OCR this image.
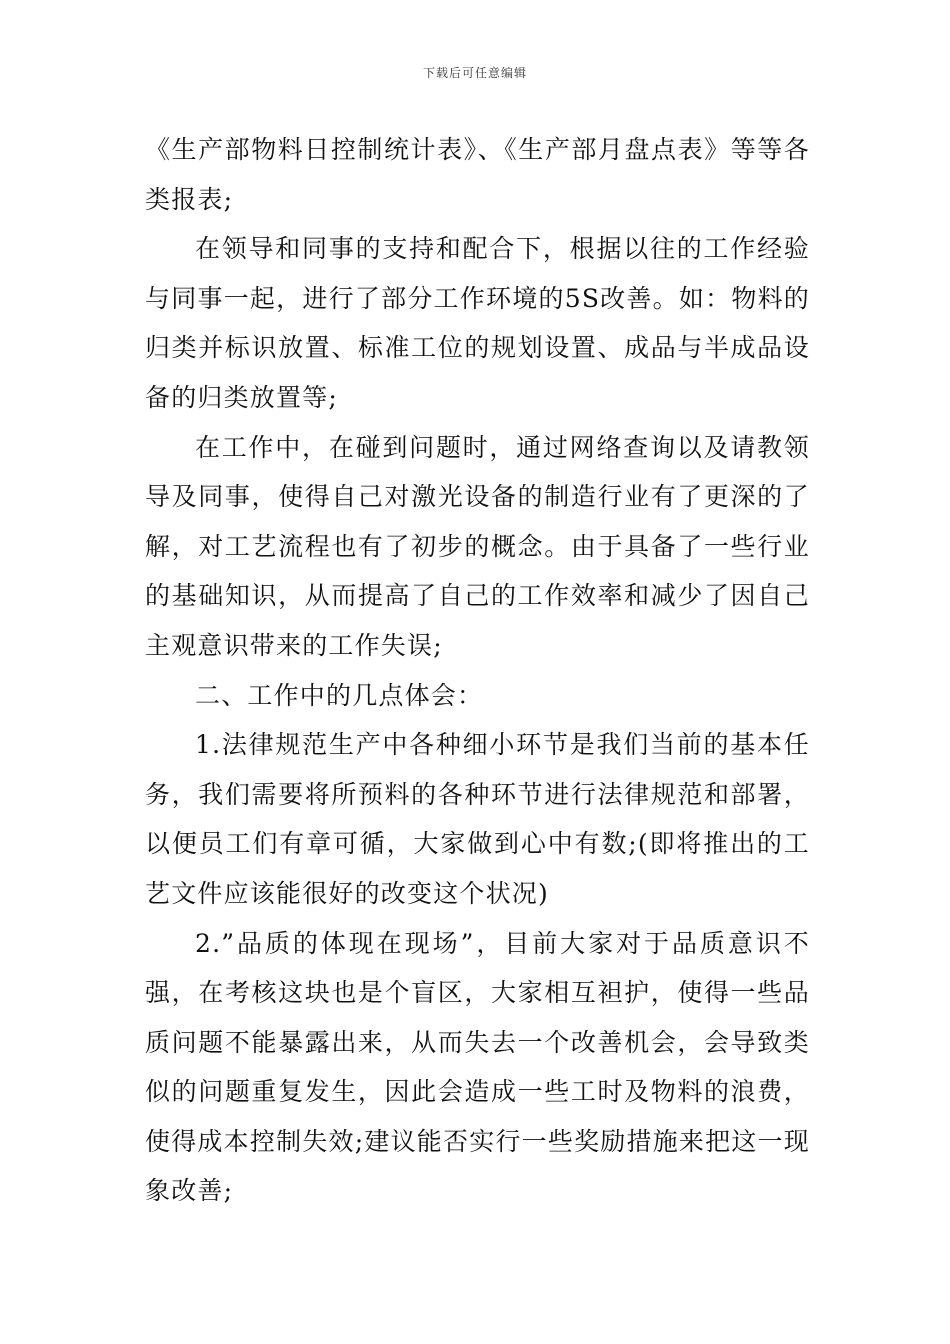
下载后可任意编辑

《生产部物料日控制统计表》、《生产部月盘点表》等等各类报表;

在领导和同事的支持和配合下，根据以往的工作经验与同事一起，进行了部分工作环境的5S改善。如：物料的归类并标识放置、标准工位的规划设置、成品与半成品设备的归类放置等;

在工作中，在碰到问题时，通过网络查询以及请教领导及同事，使得自己对激光设备的制造行业有了更深的了解，对工艺流程也有了初步的概念。由于具备了一些行业的基础知识，从而提高了自己的工作效率和减少了因自己主观意识带来的工作失误;

二、工作中的几点体会：

1.法律规范生产中各种细小环节是我们当前的基本任务，我们需要将所预料的各种环节进行法律规范和部署，以便员工们有章可循，大家做到心中有数;(即将推出的工艺文件应该能很好的改变这个状况)

2.”品质的体现在现场”，目前大家对于品质意识不强，在考核这块也是个盲区，大家相互袒护，使得一些品质问题不能暴露出来，从而失去一个改善机会，会导致类似的问题重复发生，因此会造成一些工时及物料的浪费，使得成本控制失效;建议能否实行一些奖励措施来把这一现象改善;
